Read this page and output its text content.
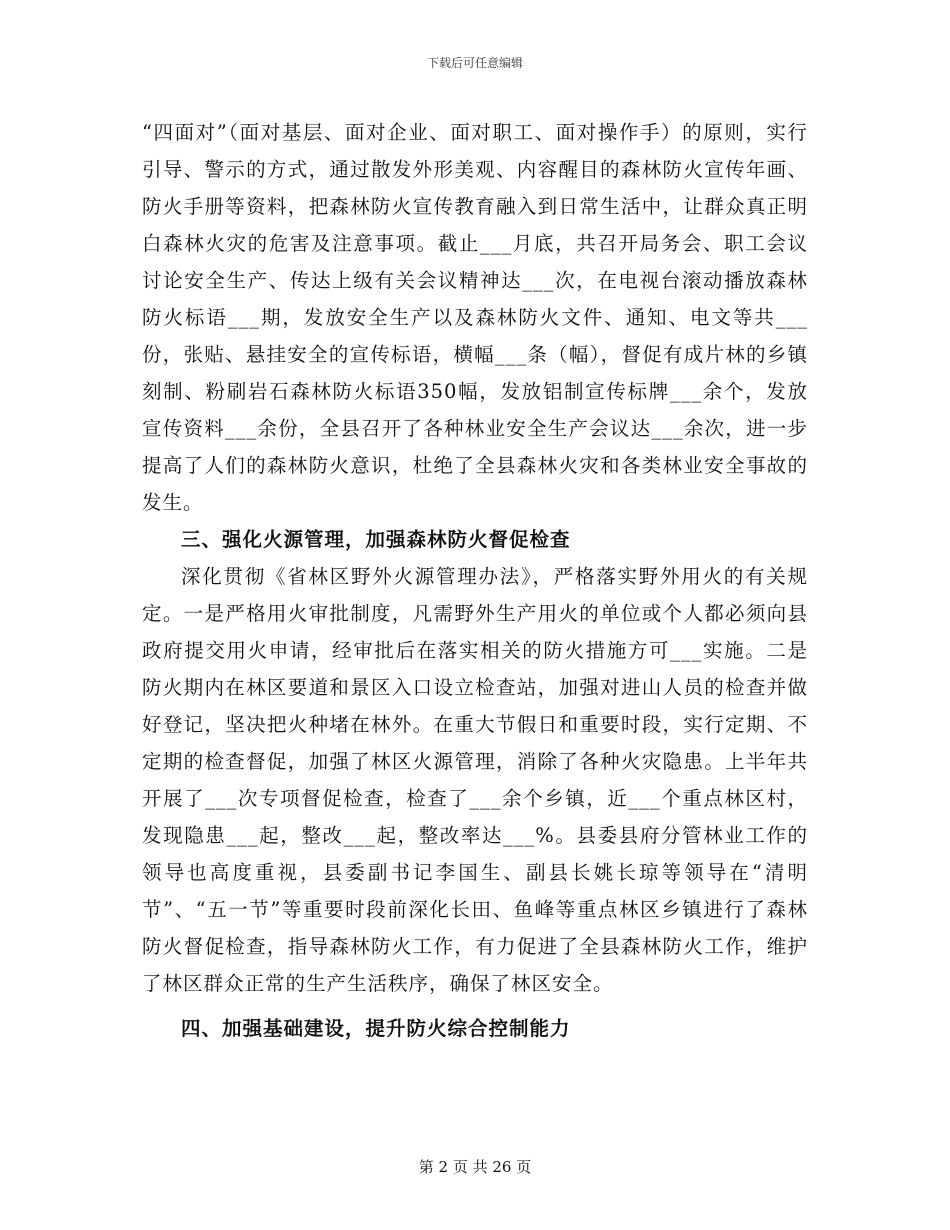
下载后可任意编辑

“四面对”（面对基层、面对企业、面对职工、面对操作手）的原则，实行引导、警示的方式，通过散发外形美观、内容醒目的森林防火宣传年画、防火手册等资料，把森林防火宣传教育融入到日常生活中，让群众真正明白森林火灾的危害及注意事项。截止___月底，共召开局务会、职工会议讨论安全生产、传达上级有关会议精神达___次，在电视台滚动播放森林防火标语___期，发放安全生产以及森林防火文件、通知、电文等共___份，张贴、悬挂安全的宣传标语，横幅___条（幅），督促有成片林的乡镇刻制、粉刷岩石森林防火标语350幅，发放铝制宣传标牌___余个，发放宣传资料___余份，全县召开了各种林业安全生产会议达___余次，进一步提高了人们的森林防火意识，杜绝了全县森林火灾和各类林业安全事故的发生。

三、强化火源管理，加强森林防火督促检查

深化贯彻《省林区野外火源管理办法》，严格落实野外用火的有关规定。一是严格用火审批制度，凡需野外生产用火的单位或个人都必须向县政府提交用火申请，经审批后在落实相关的防火措施方可___实施。二是防火期内在林区要道和景区入口设立检查站，加强对进山人员的检查并做好登记，坚决把火种堵在林外。在重大节假日和重要时段，实行定期、不定期的检查督促，加强了林区火源管理，消除了各种火灾隐患。上半年共开展了___次专项督促检查，检查了___余个乡镇，近___个重点林区村，发现隐患___起，整改___起，整改率达___%。县委县府分管林业工作的领导也高度重视，县委副书记李国生、副县长姚长琼等领导在“清明节”、“五一节”等重要时段前深化长田、鱼峰等重点林区乡镇进行了森林防火督促检查，指导森林防火工作，有力促进了全县森林防火工作，维护了林区群众正常的生产生活秩序，确保了林区安全。

四、加强基础建设，提升防火综合控制能力

第 2 页 共 26 页
